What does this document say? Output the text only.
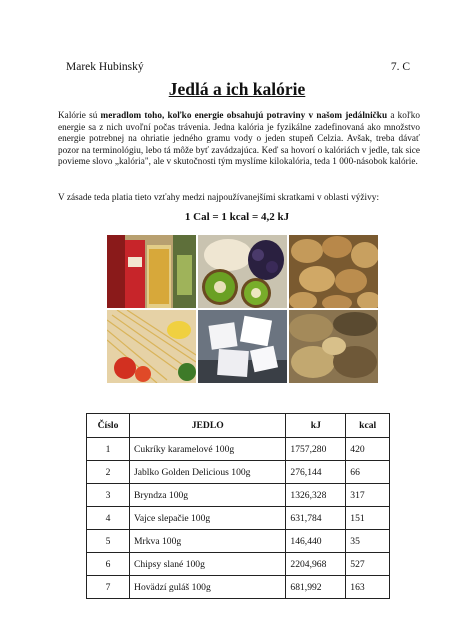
Marek Hubinský	7. C
Jedlá a ich kalórie
Kalórie sú meradlom toho, koľko energie obsahujú potraviny v našom jedálničku a koľko energie sa z nich uvoľní počas trávenia. Jedna kalória je fyzikálne zadefinovaná ako množstvo energie potrebnej na ohriatie jedného gramu vody o jeden stupeň Celzia. Avšak, treba dávať pozor na terminológiu, lebo tá môže byť zavádzajúca. Keď sa hovorí o kalóriách v jedle, tak sice povieme slovo „kalória", ale v skutočnosti tým myslíme kilokalória, teda 1 000-násobok kalórie.
V zásade teda platia tieto vzťahy medzi najpoužívanejšími skratkami v oblasti výživy:
1 Cal = 1 kcal = 4,2 kJ
Číslo	JEDLO	kJ	kcal
1	Cukríky karamelové 100g	1757,280	420
2	Jablko Golden Delicious 100g	276,144	66
3	Bryndza 100g	1326,328	317
4	Vajce slepačie 100g	631,784	151
5	Mrkva 100g	146,440	35
6	Chipsy slané 100g	2204,968	527
7	Hovädzí guláš 100g	681,992	163
